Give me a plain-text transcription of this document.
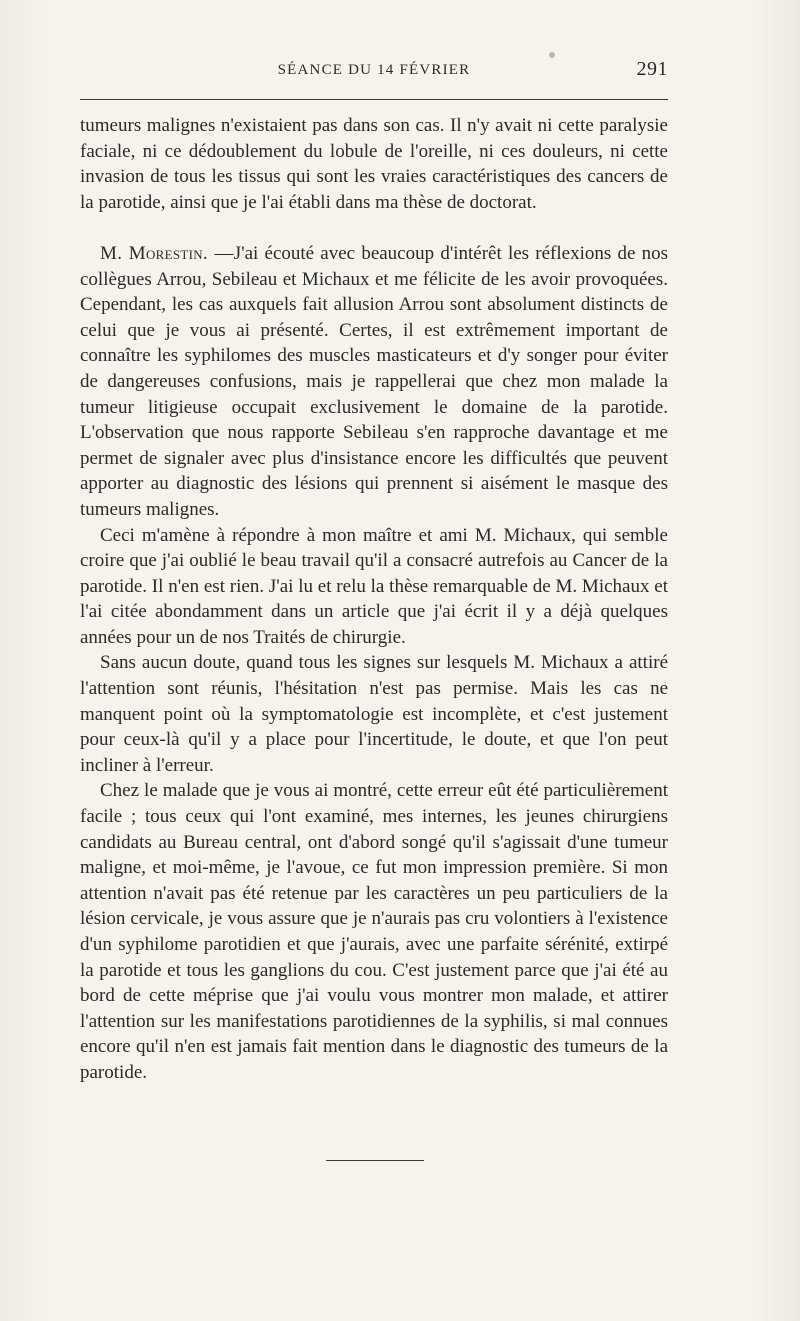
SÉANCE DU 14 FÉVRIER	291

tumeurs malignes n'existaient pas dans son cas. Il n'y avait ni cette paralysie faciale, ni ce dédoublement du lobule de l'oreille, ni ces douleurs, ni cette invasion de tous les tissus qui sont les vraies caractéristiques des cancers de la parotide, ainsi que je l'ai établi dans ma thèse de doctorat.

M. Morestin. —J'ai écouté avec beaucoup d'intérêt les réflexions de nos collègues Arrou, Sebileau et Michaux et me félicite de les avoir provoquées. Cependant, les cas auxquels fait allusion Arrou sont absolument distincts de celui que je vous ai présenté. Certes, il est extrêmement important de connaître les syphilomes des muscles masticateurs et d'y songer pour éviter de dangereuses confusions, mais je rappellerai que chez mon malade la tumeur litigieuse occupait exclusivement le domaine de la parotide. L'observation que nous rapporte Sebileau s'en rapproche davantage et me permet de signaler avec plus d'insistance encore les difficultés que peuvent apporter au diagnostic des lésions qui prennent si aisément le masque des tumeurs malignes.

Ceci m'amène à répondre à mon maître et ami M. Michaux, qui semble croire que j'ai oublié le beau travail qu'il a consacré autrefois au Cancer de la parotide. Il n'en est rien. J'ai lu et relu la thèse remarquable de M. Michaux et l'ai citée abondamment dans un article que j'ai écrit il y a déjà quelques années pour un de nos Traités de chirurgie.

Sans aucun doute, quand tous les signes sur lesquels M. Michaux a attiré l'attention sont réunis, l'hésitation n'est pas permise. Mais les cas ne manquent point où la symptomatologie est incomplète, et c'est justement pour ceux-là qu'il y a place pour l'incertitude, le doute, et que l'on peut incliner à l'erreur.

Chez le malade que je vous ai montré, cette erreur eût été particulièrement facile ; tous ceux qui l'ont examiné, mes internes, les jeunes chirurgiens candidats au Bureau central, ont d'abord songé qu'il s'agissait d'une tumeur maligne, et moi-même, je l'avoue, ce fut mon impression première. Si mon attention n'avait pas été retenue par les caractères un peu particuliers de la lésion cervicale, je vous assure que je n'aurais pas cru volontiers à l'existence d'un syphilome parotidien et que j'aurais, avec une parfaite sérénité, extirpé la parotide et tous les ganglions du cou. C'est justement parce que j'ai été au bord de cette méprise que j'ai voulu vous montrer mon malade, et attirer l'attention sur les manifestations parotidiennes de la syphilis, si mal connues encore qu'il n'en est jamais fait mention dans le diagnostic des tumeurs de la parotide.
